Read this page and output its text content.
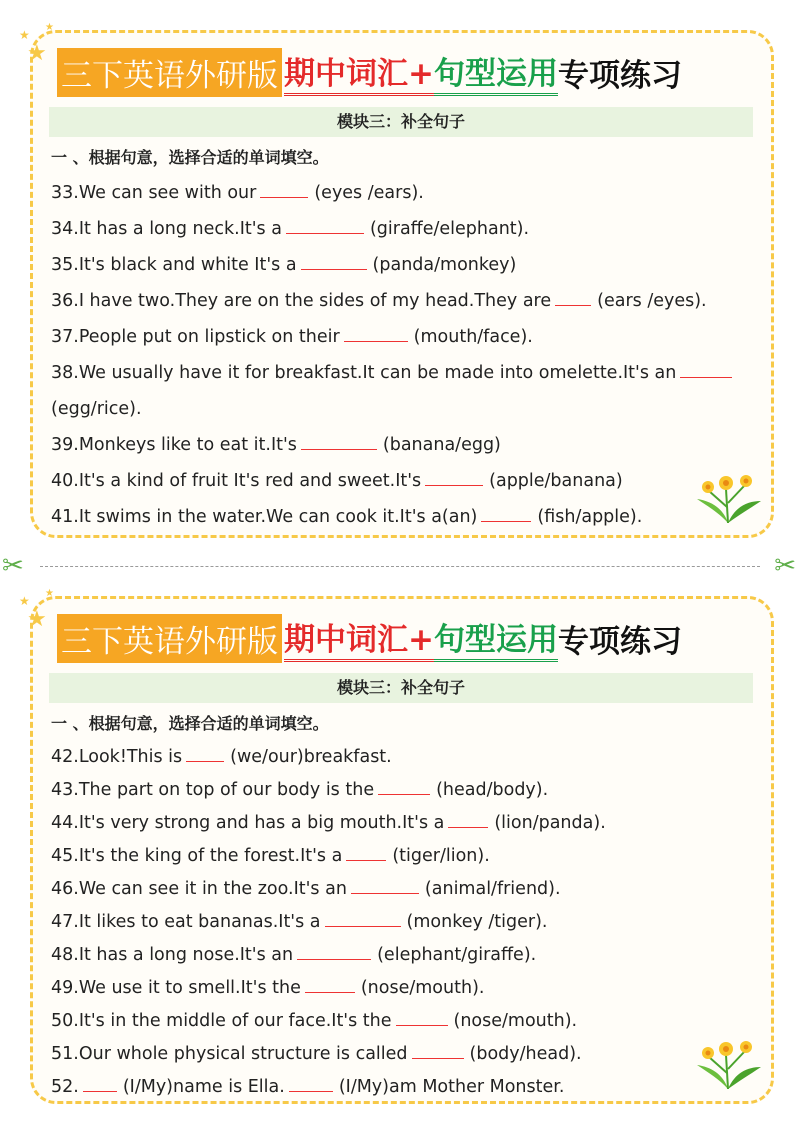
★
★
★
三下英语外研版 期中词汇+ 句型运用 专项练习
模块三：补全句子
一 、根据句意，选择合适的单词填空。
33.We can see with our	(eyes /ears).
34.It has a long neck.It's a	(giraffe/elephant).
35.It's black and white It's a	(panda/monkey)
36.I have two.They are on the sides of my head.They are	(ears /eyes).
37.People put on lipstick on their	(mouth/face).
38.We usually have it for breakfast.It can be made into omelette.It's an(egg/rice).
39.Monkeys like to eat it.It's	(banana/egg)
40.It's a kind of fruit It's red and sweet.It's	(apple/banana)
41.It swims in the water.We can cook it.It's a(an)	(fish/apple).
✂	✂
★
★
★
三下英语外研版 期中词汇+ 句型运用 专项练习
模块三：补全句子
一 、根据句意，选择合适的单词填空。
42.Look!This is	(we/our)breakfast.
43.The part on top of our body is the	(head/body).
44.It's very strong and has a big mouth.It's a	(lion/panda).
45.It's the king of the forest.It's a	(tiger/lion).
46.We can see it in the zoo.It's an	(animal/friend).
47.It likes to eat bananas.It's a	(monkey /tiger).
48.It has a long nose.It's an	(elephant/giraffe).
49.We use it to smell.It's the	(nose/mouth).
50.It's in the middle of our face.It's the	(nose/mouth).
51.Our whole physical structure is called	(body/head).
52.	(I/My)name is Ella.	(I/My)am Mother Monster.
